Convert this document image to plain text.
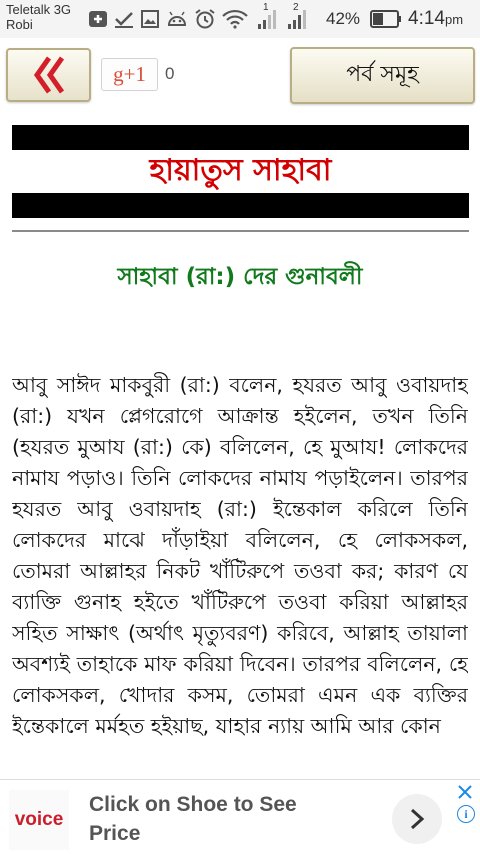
Teletalk 3G
Robi
1 2
42%	4:14pm
g+1	0	পর্ব সমূহ
হায়াতুস সাহাবা
সাহাবা (রা:) দের গুনাবলী
আবু সাঈদ মাকবুরী (রা:) বলেন, হযরত আবু ওবায়দাহ (রা:) যখন প্লেগরোগে আক্রান্ত হইলেন, তখন তিনি (হযরত মুআয (রা:) কে) বলিলেন, হে মুআয! লোকদের নামায পড়াও। তিনি লোকদের নামায পড়াইলেন। তারপর হযরত আবু ওবায়দাহ (রা:) ইন্তেকাল করিলে তিনি লোকদের মাঝে দাঁড়াইয়া বলিলেন, হে লোকসকল, তোমরা আল্লাহর নিকট খাঁটিরুপে তওবা কর; কারণ যে ব্যাক্তি গুনাহ হইতে খাঁটিরুপে তওবা করিয়া আল্লাহর সহিত সাক্ষাৎ (অর্থাৎ মৃত্যুবরণ) করিবে, আল্লাহ তায়ালা অবশ্যই তাহাকে মাফ করিয়া দিবেন। তারপর বলিলেন, হে লোকসকল, খোদার কসম, তোমরা এমন এক ব্যক্তির ইন্তেকালে মর্মহত হইয়াছ, যাহার ন্যায় আমি আর কোন
voice
Click on Shoe to See Price
i
